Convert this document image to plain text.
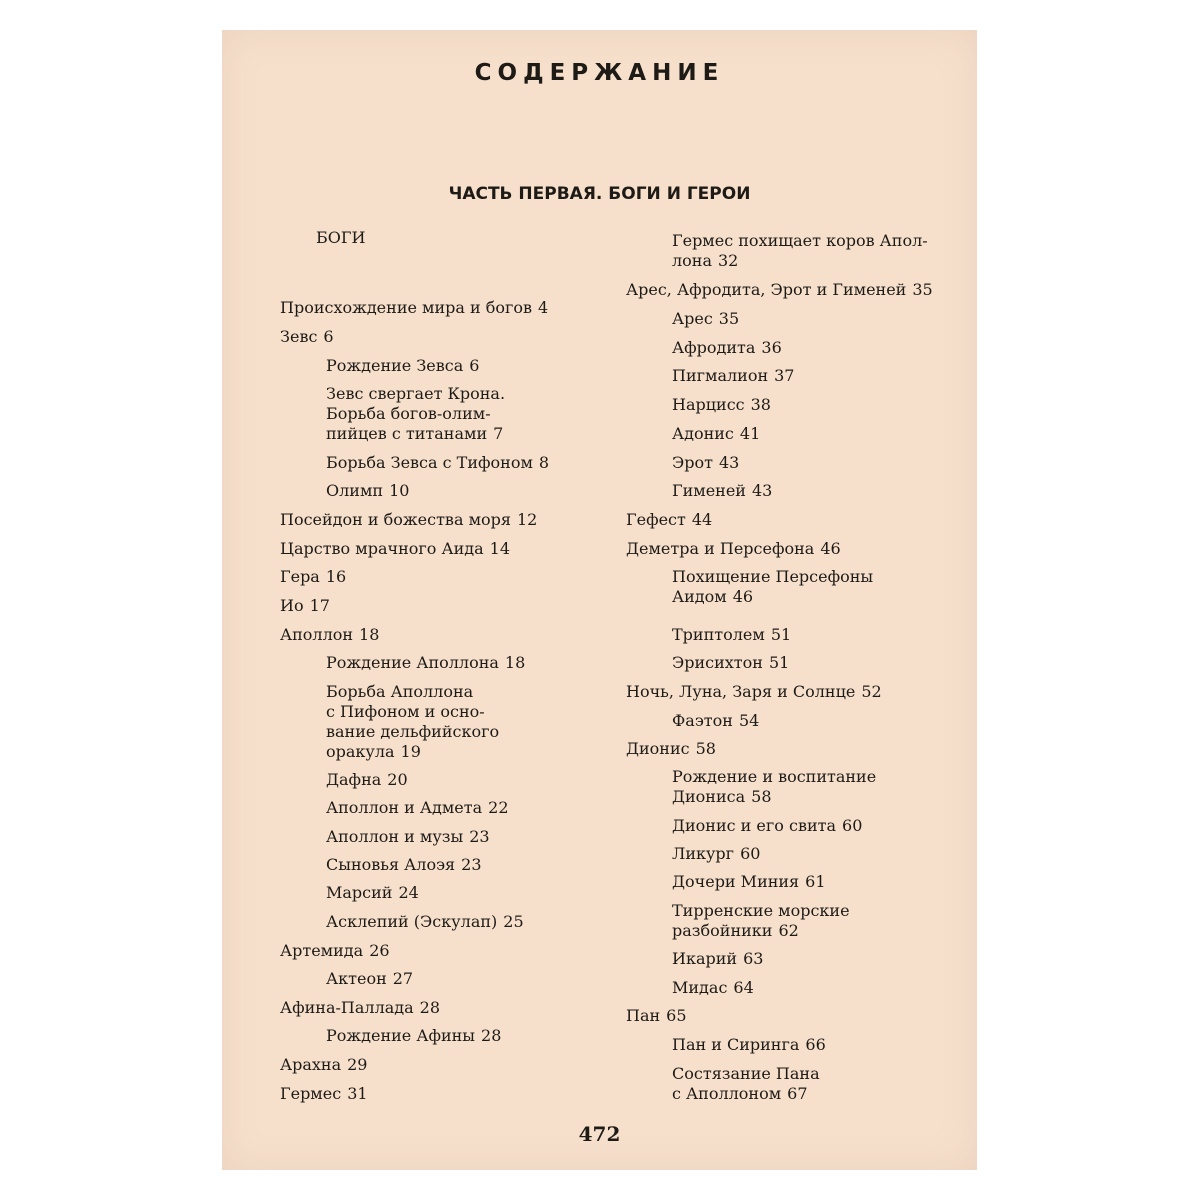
СОДЕРЖАНИЕ
ЧАСТЬ ПЕРВАЯ. БОГИ И ГЕРОИ
БОГИ
Происхождение мира и богов 4
Зевс 6
Рождение Зевса 6
Зевс свергает Крона.
Борьба богов-олим-
пийцев с титанами 7
Борьба Зевса с Тифоном 8
Олимп 10
Посейдон и божества моря 12
Царство мрачного Аида 14
Гера 16
Ио 17
Аполлон 18
Рождение Аполлона 18
Борьба Аполлона
с Пифоном и осно-
вание дельфийского
оракула 19
Дафна 20
Аполлон и Адмета 22
Аполлон и музы 23
Сыновья Алоэя 23
Марсий 24
Асклепий (Эскулап) 25
Артемида 26
Актеон 27
Афина-Паллада 28
Рождение Афины 28
Арахна 29
Гермес 31
Гермес похищает коров Апол-
лона 32
Арес, Афродита, Эрот и Гименей 35
Арес 35
Афродита 36
Пигмалион 37
Нарцисс 38
Адонис 41
Эрот 43
Гименей 43
Гефест 44
Деметра и Персефона 46
Похищение Персефоны
Аидом 46
Триптолем 51
Эрисихтон 51
Ночь, Луна, Заря и Солнце 52
Фаэтон 54
Дионис 58
Рождение и воспитание
Диониса 58
Дионис и его свита 60
Ликург 60
Дочери Миния 61
Тирренские морские
разбойники 62
Икарий 63
Мидас 64
Пан 65
Пан и Сиринга 66
Состязание Пана
с Аполлоном 67
472
